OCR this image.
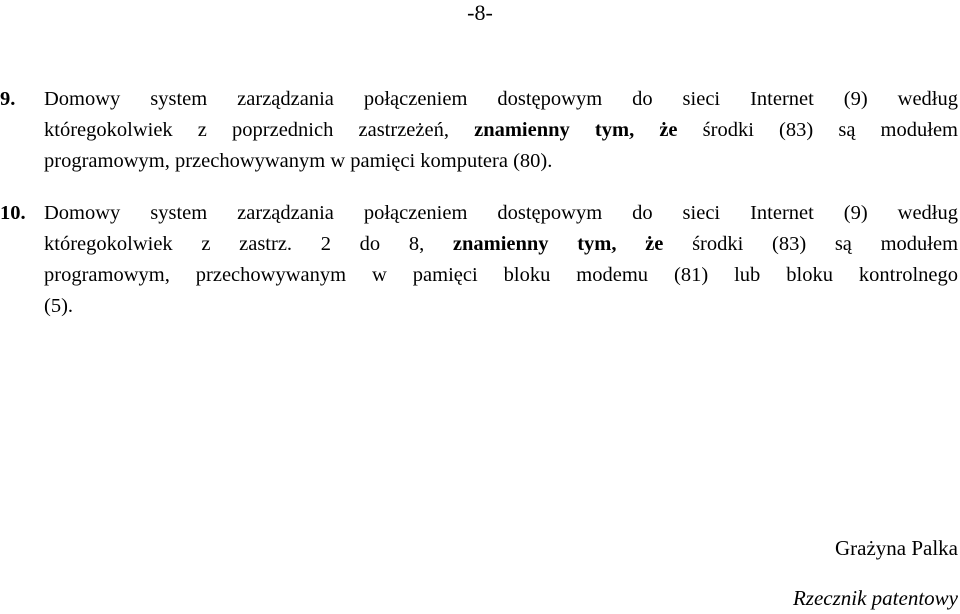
-8-
9. Domowy system zarządzania połączeniem dostępowym do sieci Internet (9) według
któregokolwiek z poprzednich zastrzeżeń, znamienny tym, że środki (83) są modułem
programowym, przechowywanym w pamięci komputera (80).
10. Domowy system zarządzania połączeniem dostępowym do sieci Internet (9) według
któregokolwiek z zastrz. 2 do 8, znamienny tym, że środki (83) są modułem
programowym, przechowywanym w pamięci bloku modemu (81) lub bloku kontrolnego
(5).
Grażyna Palka
Rzecznik patentowy
